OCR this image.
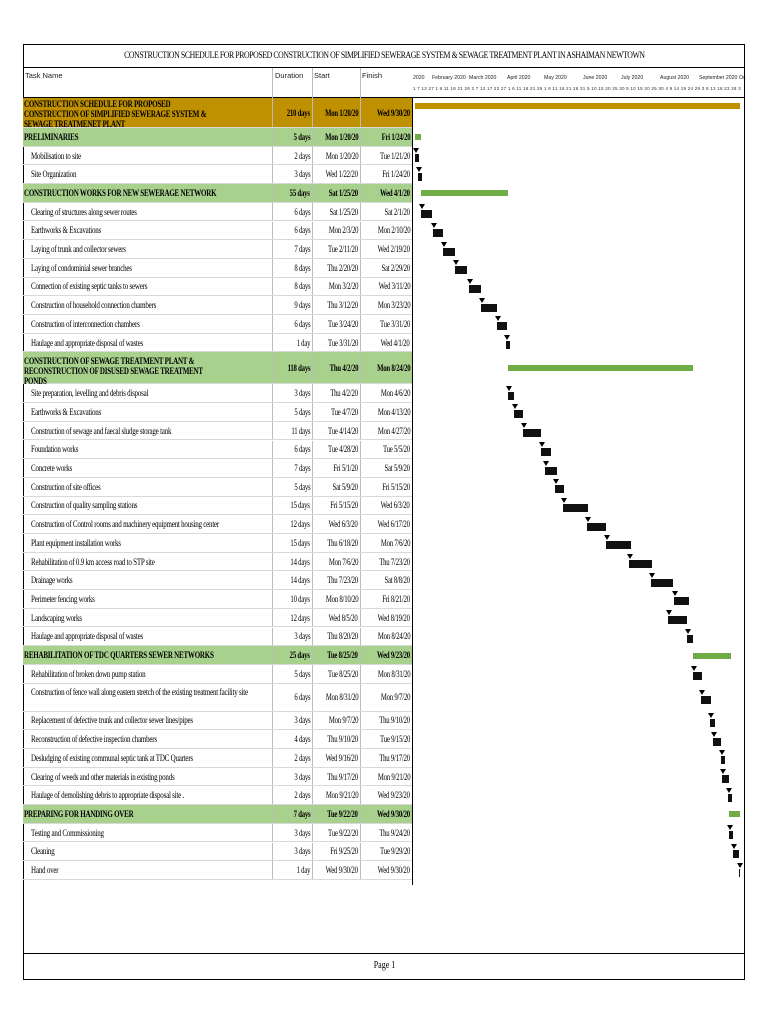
CONSTRUCTION SCHEDULE FOR PROPOSED CONSTRUCTION OF SIMPLIFIED SEWERAGE SYSTEM & SEWAGE TREATMENT PLANT IN ASHAIMAN NEWTOWN
Task Name	Duration Start	Finish	2020 February 2020 March 2020 April 2020	May 2020	June 2020	July 2020	August 2020 September 2020 Oc
1 7 12 27 1 6 11 16 21 26 2 7 12 17 22 27 1 6 11 16 21 26 1 6 11 16 21 26 31 5 10 15 20 25 30 5 10 15 20 25 30 4 9 14 19 24 29 3 8 13 18 23 28 3
CONSTRUCTION SCHEDULE FOR PROPOSED CONSTRUCTION OF SIMPLIFIED SEWERAGE SYSTEM & SEWAGE TREATMENET PLANT
210 days Mon 1/20/20 Wed 9/30/20
PRELIMINARIES	5 days Mon 1/20/20	Fri 1/24/20
Mobilisation to site	2 days Mon 1/20/20 Tue 1/21/20
Site Organization	3 days Wed 1/22/20	Fri 1/24/20
CONSTRUCTION WORKS FOR NEW SEWERAGE NETWORK	55 days Sat 1/25/20 Wed 4/1/20
Clearing of structures along sewer routes	6 days Sat 1/25/20	Sat 2/1/20
Earthworks & Excavations	6 days Mon 2/3/20 Mon 2/10/20
Laying of trunk and collector sewers	7 days Tue 2/11/20 Wed 2/19/20
Laying of condominial sewer branches	8 days Thu 2/20/20	Sat 2/29/20
Connection of existing septic tanks to sewers	8 days Mon 3/2/20 Wed 3/11/20
Construction of household connection chambers	9 days Thu 3/12/20 Mon 3/23/20
Construction of interconnection chambers	6 days Tue 3/24/20 Tue 3/31/20
Haulage and appropriate disposal of wastes	1 day Tue 3/31/20	Wed 4/1/20
CONSTRUCTION OF SEWAGE TREATMENT PLANT & RECONSTRUCTION OF DISUSED SEWAGE TREATMENT PONDS
118 days Thu 4/2/20 Mon 8/24/20
Site preparation, levelling and debris disposal	3 days Thu 4/2/20	Mon 4/6/20
Earthworks & Excavations	5 days Tue 4/7/20 Mon 4/13/20
Construction of sewage and faecal sludge storage tank	11 days Tue 4/14/20 Mon 4/27/20
Foundation works	6 days Tue 4/28/20	Tue 5/5/20
Concrete works	7 days	Fri 5/1/20	Sat 5/9/20
Construction of site offices	5 days	Sat 5/9/20	Fri 5/15/20
Construction of quality sampling stations	15 days Fri 5/15/20	Wed 6/3/20
Construction of Control rooms and machinery equipment housing center	12 days Wed 6/3/20 Wed 6/17/20
Plant equipment installation works	15 days Thu 6/18/20	Mon 7/6/20
Rehabilitation of 0.9 km access road to STP site	14 days Mon 7/6/20 Thu 7/23/20
Drainage works	14 days Thu 7/23/20	Sat 8/8/20
Perimeter fencing works	10 days Mon 8/10/20	Fri 8/21/20
Landscaping works	12 days Wed 8/5/20 Wed 8/19/20
Haulage and appropriate disposal of wastes	3 days Thu 8/20/20 Mon 8/24/20
REHABILITATION OF TDC QUARTERS SEWER NETWORKS	25 days Tue 8/25/20 Wed 9/23/20
Rehabilitation of broken down pump station	5 days Tue 8/25/20 Mon 8/31/20
Construction of fence wall along eastern stretch of the existing treatment facility site
6 days Mon 8/31/20	Mon 9/7/20
Replacement of defective trunk and collector sewer lines/pipes	3 days Mon 9/7/20 Thu 9/10/20
Reconstruction of defective inspection chambers	4 days Thu 9/10/20 Tue 9/15/20
Desludging of existing communal septic tank at TDC Quarters	2 days Wed 9/16/20 Thu 9/17/20
Clearing of weeds and other materials in existing ponds	3 days Thu 9/17/20 Mon 9/21/20
Haulage of demolishing debris to appropriate disposal site .	2 days Mon 9/21/20 Wed 9/23/20
PREPARING FOR HANDING OVER	7 days Tue 9/22/20 Wed 9/30/20
Testing and Commissioning	3 days Tue 9/22/20 Thu 9/24/20
Cleaning	3 days Fri 9/25/20 Tue 9/29/20
Hand over	1 day Wed 9/30/20 Wed 9/30/20
Page 1
